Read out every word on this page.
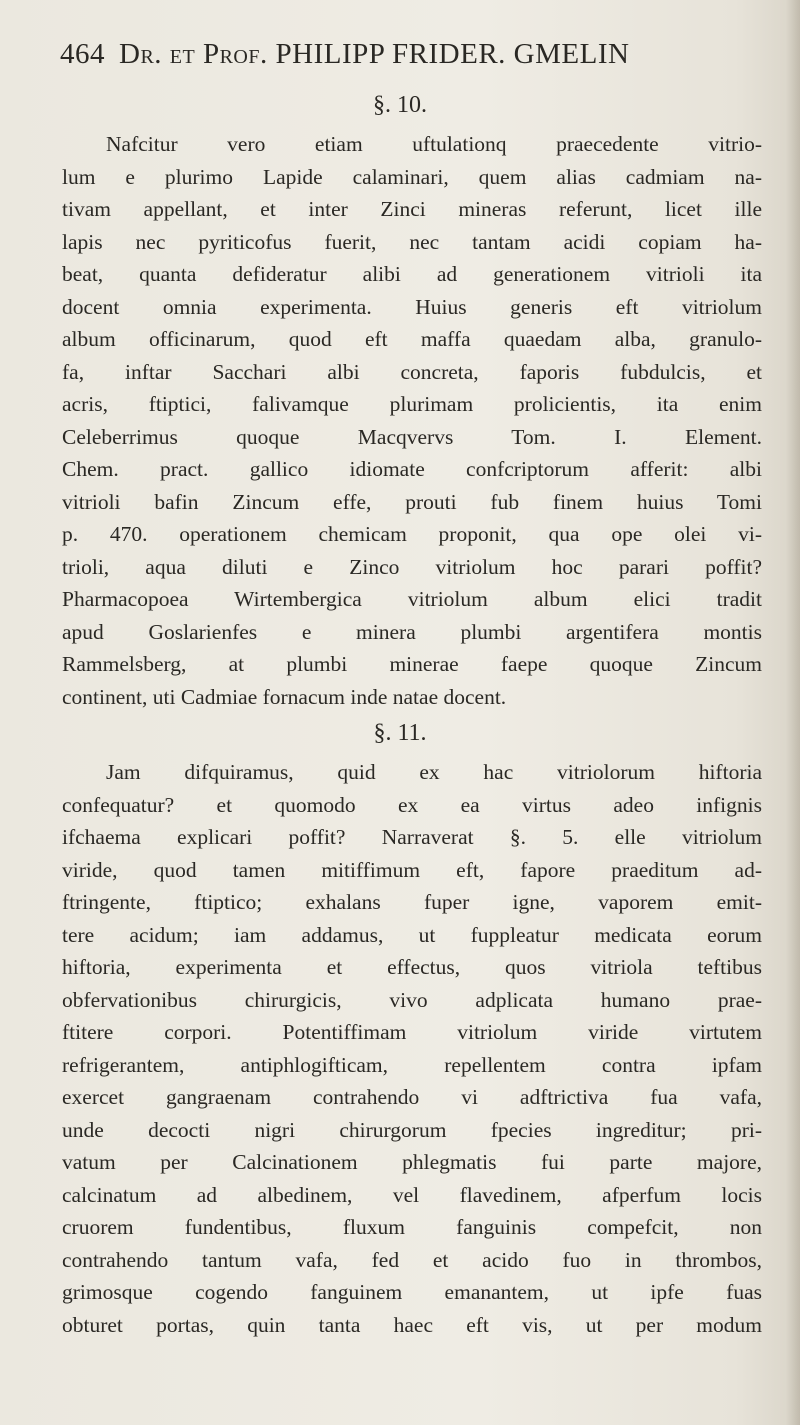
464 Dr. et Prof. PHILIPP FRIDER. GMELIN
§. 10.
Nafcitur vero etiam uftulationq praecedente vitrio-
lum e plurimo Lapide calaminari, quem alias cadmiam na-
tivam appellant, et inter Zinci mineras referunt, licet ille
lapis nec pyriticofus fuerit, nec tantam acidi copiam ha-
beat, quanta defideratur alibi ad generationem vitrioli ita
docent omnia experimenta. Huius generis eft vitriolum
album officinarum, quod eft maffa quaedam alba, granulo-
fa, inftar Sacchari albi concreta, faporis fubdulcis, et
acris, ftiptici, falivamque plurimam prolicientis, ita enim
Celeberrimus quoque Macqvervs Tom. I. Element.
Chem. pract. gallico idiomate confcriptorum afferit: albi
vitrioli bafin Zincum effe, prouti fub finem huius Tomi
p. 470. operationem chemicam proponit, qua ope olei vi-
trioli, aqua diluti e Zinco vitriolum hoc parari poffit?
Pharmacopoea Wirtembergica vitriolum album elici tradit
apud Goslarienfes e minera plumbi argentifera montis
Rammelsberg, at plumbi minerae faepe quoque Zincum
continent, uti Cadmiae fornacum inde natae docent.
§. 11.
Jam difquiramus, quid ex hac vitriolorum hiftoria
confequatur? et quomodo ex ea virtus adeo infignis
ifchaema explicari poffit? Narraverat §. 5. elle vitriolum
viride, quod tamen mitiffimum eft, fapore praeditum ad-
ftringente, ftiptico; exhalans fuper igne, vaporem emit-
tere acidum; iam addamus, ut fuppleatur medicata eorum
hiftoria, experimenta et effectus, quos vitriola teftibus
obfervationibus chirurgicis, vivo adplicata humano prae-
ftitere corpori. Potentiffimam vitriolum viride virtutem
refrigerantem, antiphlogifticam, repellentem contra ipfam
exercet gangraenam contrahendo vi adftrictiva fua vafa,
unde decocti nigri chirurgorum fpecies ingreditur; pri-
vatum per Calcinationem phlegmatis fui parte majore,
calcinatum ad albedinem, vel flavedinem, afperfum locis
cruorem fundentibus, fluxum fanguinis compefcit, non
contrahendo tantum vafa, fed et acido fuo in thrombos,
grimosque cogendo fanguinem emanantem, ut ipfe fuas
obturet portas, quin tanta haec eft vis, ut per modum
